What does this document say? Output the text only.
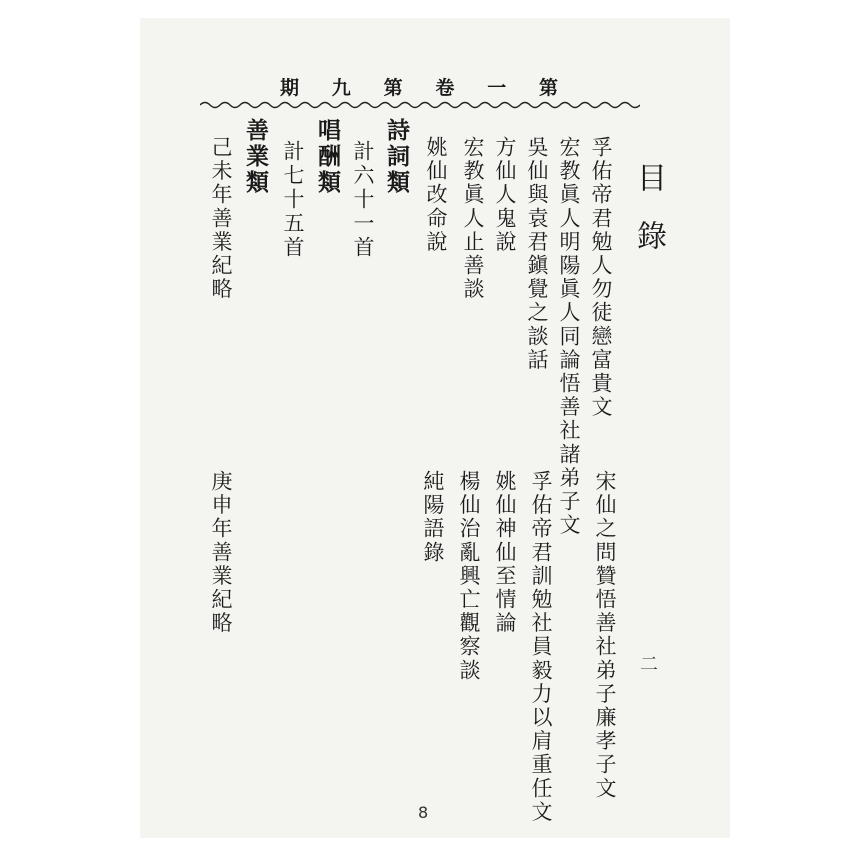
期 九 第 卷 一 第
目錄
孚佑帝君勉人勿徒戀富貴文
宏教眞人明陽眞人同論悟善社諸弟子文
吳仙與袁君鎭覺之談話
方仙人鬼說
宏教眞人止善談
姚仙改命說
詩詞類
計六十一首
唱酬類
計七十五首
善業類
己未年善業紀略
宋仙之問贊悟善社弟子廉孝子文
孚佑帝君訓勉社員毅力以肩重任文
姚仙神仙至情論
楊仙治亂興亡觀察談
純陽語錄
庚申年善業紀略
二
8
